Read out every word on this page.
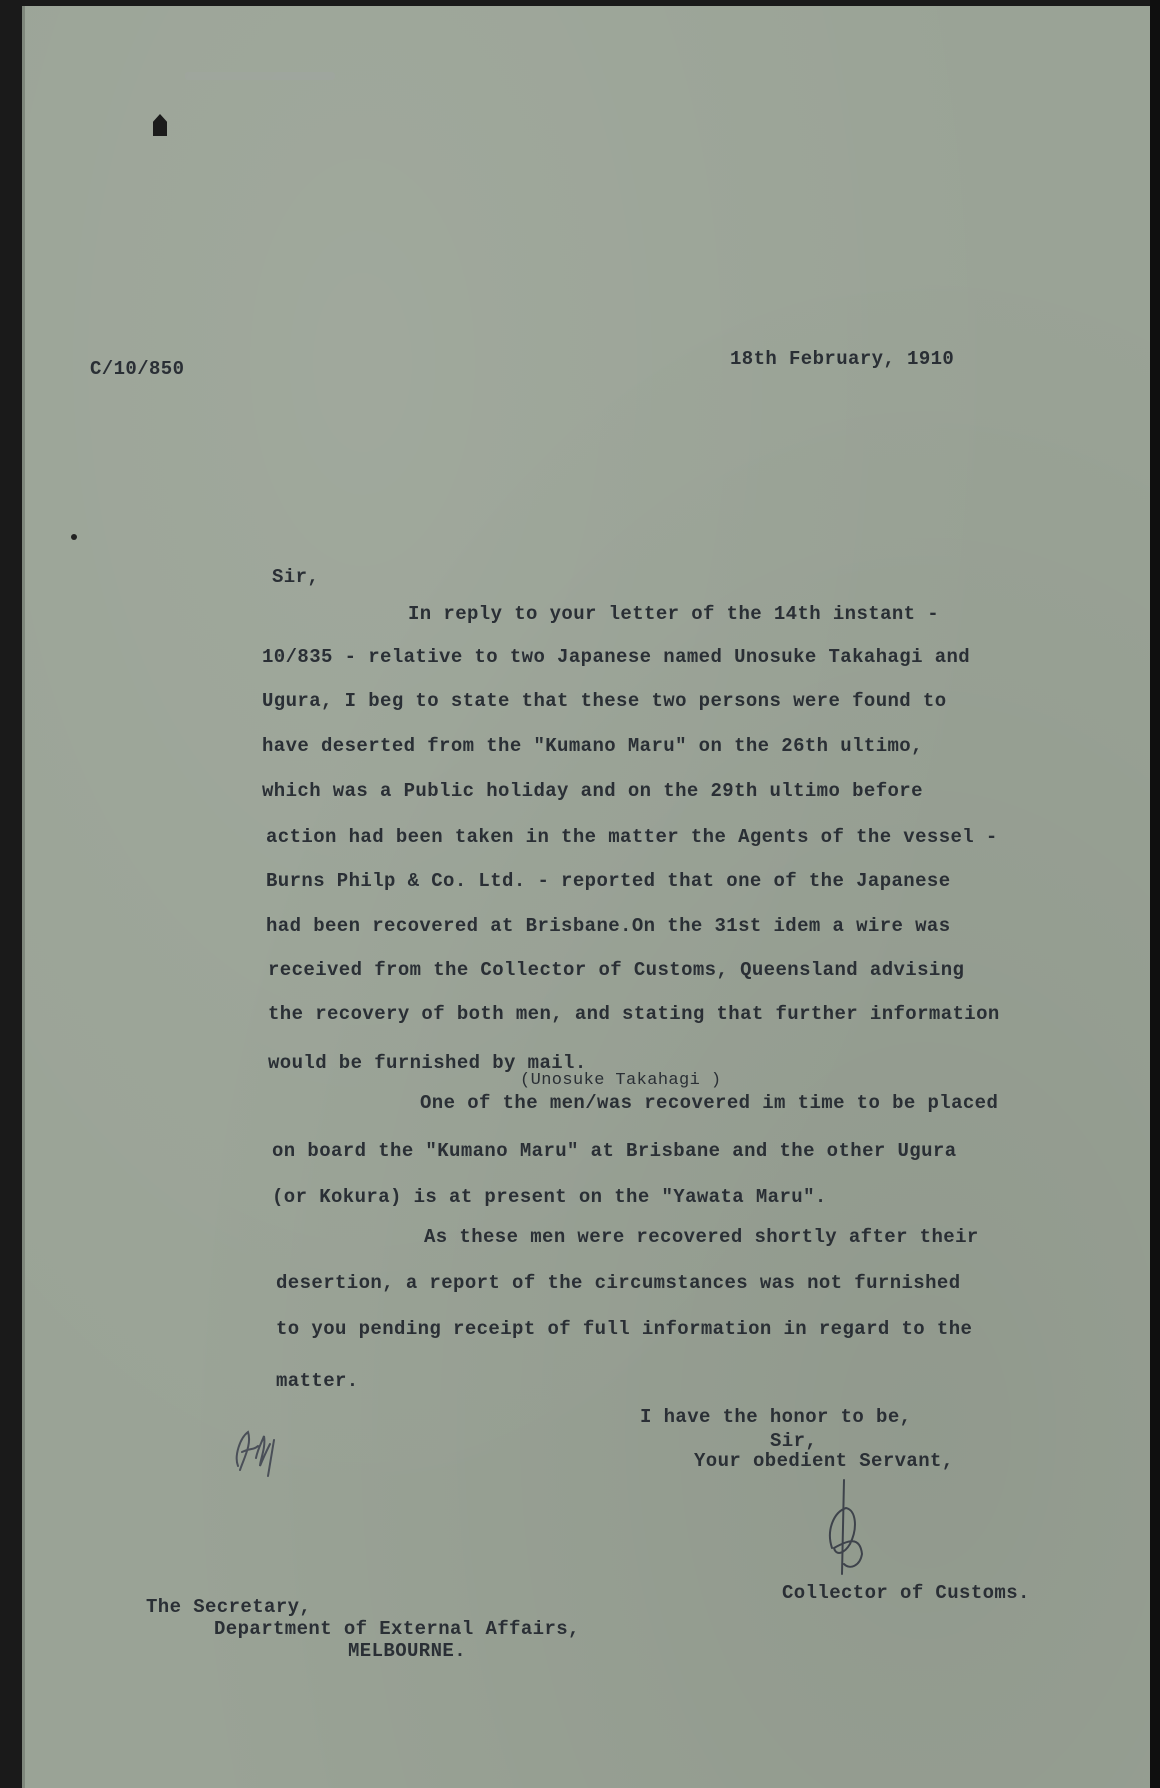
C/10/850	18th February, 1910
Sir,
In reply to your letter of the 14th instant -
10/835 - relative to two Japanese named Unosuke Takahagi and
Ugura, I beg to state that these two persons were found to
have deserted from the "Kumano Maru" on the 26th ultimo,
which was a Public holiday and on the 29th ultimo before
action had been taken in the matter the Agents of the vessel -
Burns Philp & Co. Ltd. - reported that one of the Japanese
had been recovered at Brisbane.On the 31st idem a wire was
received from the Collector of Customs, Queensland advising
the recovery of both men, and stating that further information
would be furnished by mail.
(Unosuke Takahagi )
One of the men/was recovered im time to be placed
on board the "Kumano Maru" at Brisbane and the other Ugura
(or Kokura) is at present on the "Yawata Maru".
As these men were recovered shortly after their
desertion, a report of the circumstances was not furnished
to you pending receipt of full information in regard to the
matter.
I have the honor to be,
Sir,
Your obedient Servant,
Collector of Customs.
The Secretary,
Department of External Affairs,
MELBOURNE.
